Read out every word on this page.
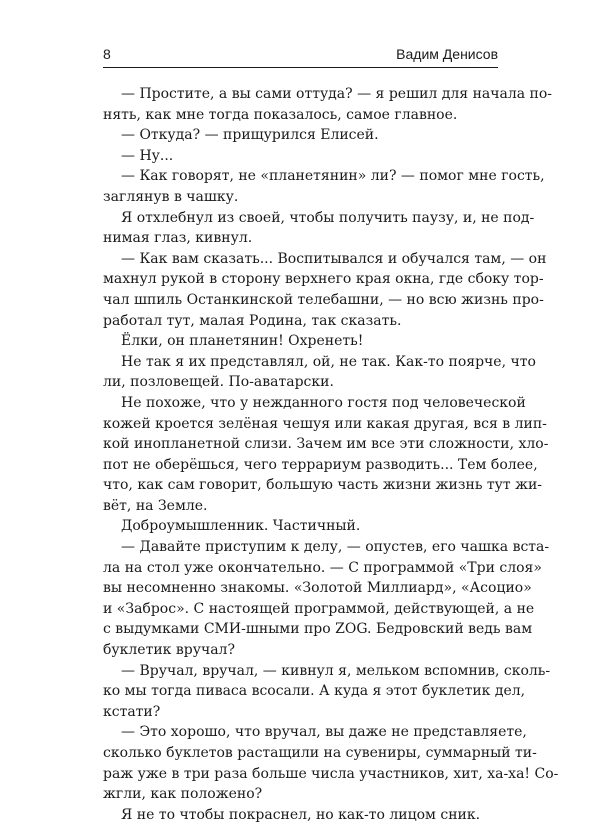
8	Вадим Денисов
— Простите, а вы сами оттуда? — я решил для начала по-
нять, как мне тогда показалось, самое главное.
— Откуда? — прищурился Елисей.
— Ну...
— Как говорят, не «планетянин» ли? — помог мне гость,
заглянув в чашку.
Я отхлебнул из своей, чтобы получить паузу, и, не под-
нимая глаз, кивнул.
— Как вам сказать... Воспитывался и обучался там, — он
махнул рукой в сторону верхнего края окна, где сбоку тор-
чал шпиль Останкинской телебашни, — но всю жизнь про-
работал тут, малая Родина, так сказать.
Ёлки, он планетянин! Охренеть!
Не так я их представлял, ой, не так. Как-то поярче, что
ли, позловещей. По-аватарски.
Не похоже, что у нежданного гостя под человеческой
кожей кроется зелёная чешуя или какая другая, вся в лип-
кой инопланетной слизи. Зачем им все эти сложности, хло-
пот не оберёшься, чего террариум разводить... Тем более,
что, как сам говорит, большую часть жизни жизнь тут жи-
вёт, на Земле.
Доброумышленник. Частичный.
— Давайте приступим к делу, — опустев, его чашка вста-
ла на стол уже окончательно. — С программой «Три слоя»
вы несомненно знакомы. «Золотой Миллиард», «Асоцио»
и «Заброс». С настоящей программой, действующей, а не
с выдумками СМИ-шными про ZOG. Бедровский ведь вам
буклетик вручал?
— Вручал, вручал, — кивнул я, мельком вспомнив, сколь-
ко мы тогда пиваса всосали. А куда я этот буклетик дел,
кстати?
— Это хорошо, что вручал, вы даже не представляете,
сколько буклетов растащили на сувениры, суммарный ти-
раж уже в три раза больше числа участников, хит, ха-ха! Со-
жгли, как положено?
Я не то чтобы покраснел, но как-то лицом сник.
